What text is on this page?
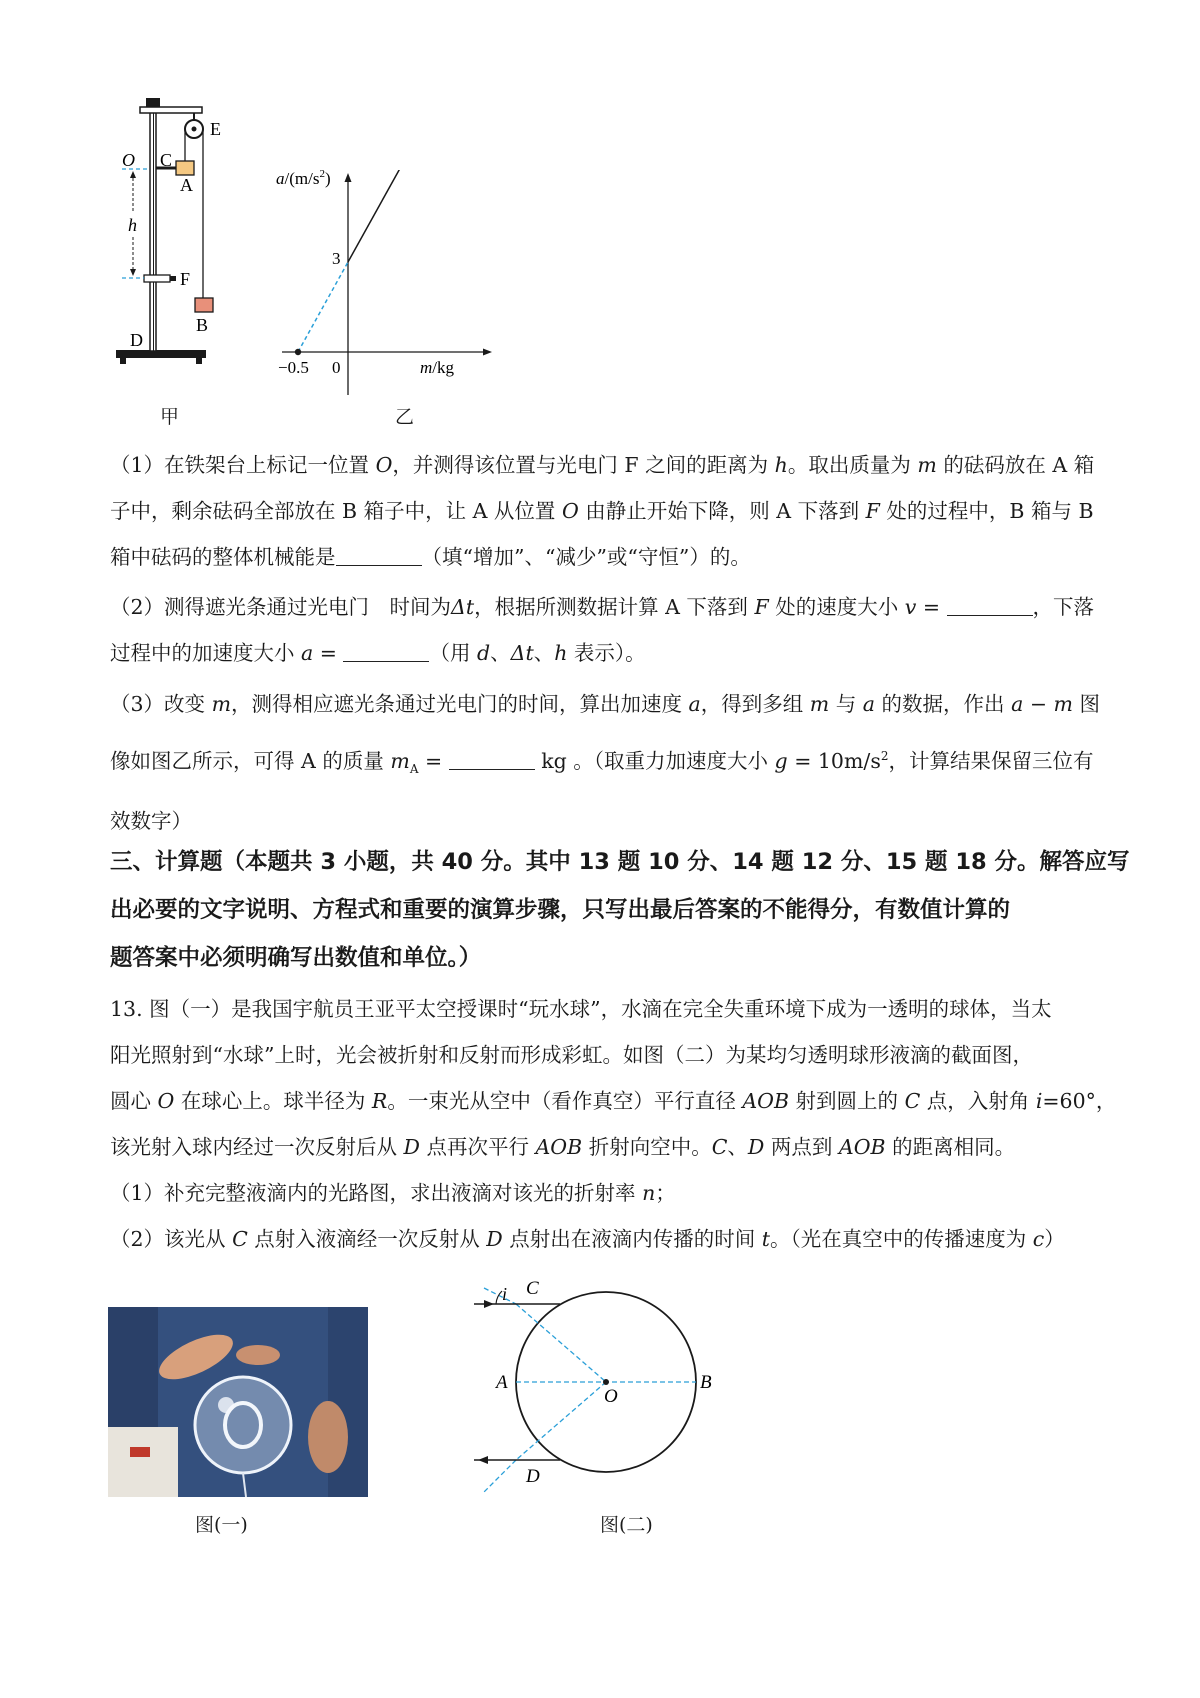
O C
A
E
h
F
B
D
甲
$a/(m/s^2)$
3
−0.5 0	m/kg
乙
（1）在铁架台上标记一位置 O，并测得该位置与光电门 F 之间的距离为 h。取出质量为 m 的砝码放在 A 箱
子中，剩余砝码全部放在 B 箱子中，让 A 从位置 O 由静止开始下降，则 A 下落到 F 处的过程中，B 箱与 B
箱中砝码的整体机械能是	（填“增加”、“减少”或“守恒”）的。
（2）测得遮光条通过光电门　时间为Δt，根据所测数据计算 A 下落到 F 处的速度大小 v =	，下落
过程中的加速度大小 a =	（用 d、Δt、h 表示）。
（3）改变 m，测得相应遮光条通过光电门的时间，算出加速度 a，得到多组 m 与 a 的数据，作出 a − m 图
像如图乙所示，可得 A 的质量 $m_A$ =	kg 。（取重力加速度大小 $g = 10m/s^2$，计算结果保留三位有
效数字）
三、计算题（本题共 3 小题，共 40 分。其中 13 题 10 分、14 题 12 分、15 题 18 分。解答应写
出必要的文字说明、方程式和重要的演算步骤，只写出最后答案的不能得分，有数值计算的
题答案中必须明确写出数值和单位。）
13. 图（一）是我国宇航员王亚平太空授课时“玩水球”，水滴在完全失重环境下成为一透明的球体，当太
阳光照射到“水球”上时，光会被折射和反射而形成彩虹。如图（二）为某均匀透明球形液滴的截面图，
圆心 O 在球心上。球半径为 R。一束光从空中（看作真空）平行直径 AOB 射到圆上的 C 点，入射角 i=60°，
该光射入球内经过一次反射后从 D 点再次平行 AOB 折射向空中。C、D 两点到 AOB 的距离相同。
（1）补充完整液滴内的光路图，求出液滴对该光的折射率 n；
（2）该光从 C 点射入液滴经一次反射从 D 点射出在液滴内传播的时间 t。（光在真空中的传播速度为 c）
图(一)
C
i
A
O
B
D
图(二)
